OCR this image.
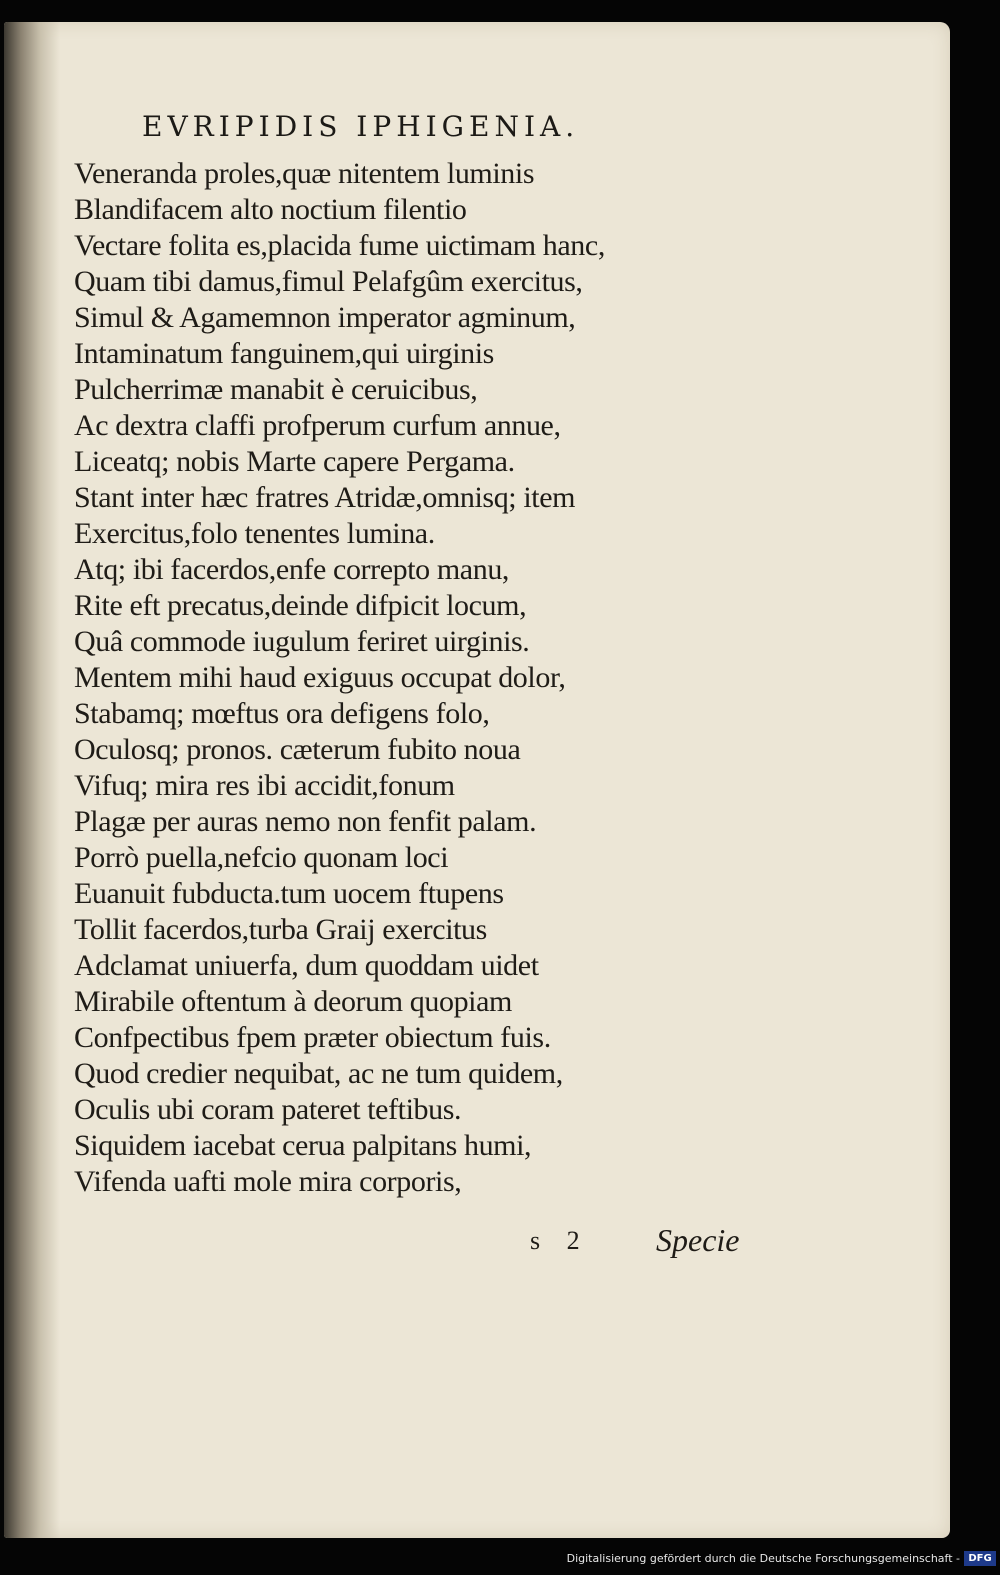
EVRIPIDIS IPHIGENIA.
Veneranda proles,quæ nitentem luminis
Blandifacem alto noctium filentio
Vectare folita es,placida fume uictimam hanc,
Quam tibi damus,fimul Pelafgûm exercitus,
Simul & Agamemnon imperator agminum,
Intaminatum fanguinem,qui uirginis
Pulcherrimæ manabit è ceruicibus,
Ac dextra claffi profperum curfum annue,
Liceatq; nobis Marte capere Pergama.
Stant inter hæc fratres Atridæ,omnisq; item
Exercitus,folo tenentes lumina.
Atq; ibi facerdos,enfe correpto manu,
Rite eft precatus,deinde difpicit locum,
Quâ commode iugulum feriret uirginis.
Mentem mihi haud exiguus occupat dolor,
Stabamq; mœftus ora defigens folo,
Oculosq; pronos. cæterum fubito noua
Vifuq; mira res ibi accidit,fonum
Plagæ per auras nemo non fenfit palam.
Porrò puella,nefcio quonam loci
Euanuit fubducta.tum uocem ftupens
Tollit facerdos,turba Graij exercitus
Adclamat uniuerfa, dum quoddam uidet
Mirabile oftentum à deorum quopiam
Confpectibus fpem præter obiectum fuis.
Quod credier nequibat, ac ne tum quidem,
Oculis ubi coram pateret teftibus.
Siquidem iacebat cerua palpitans humi,
Vifenda uafti mole mira corporis,
s 2 Specie
Digitalisierung gefördert durch die Deutsche Forschungsgemeinschaft - DFG
